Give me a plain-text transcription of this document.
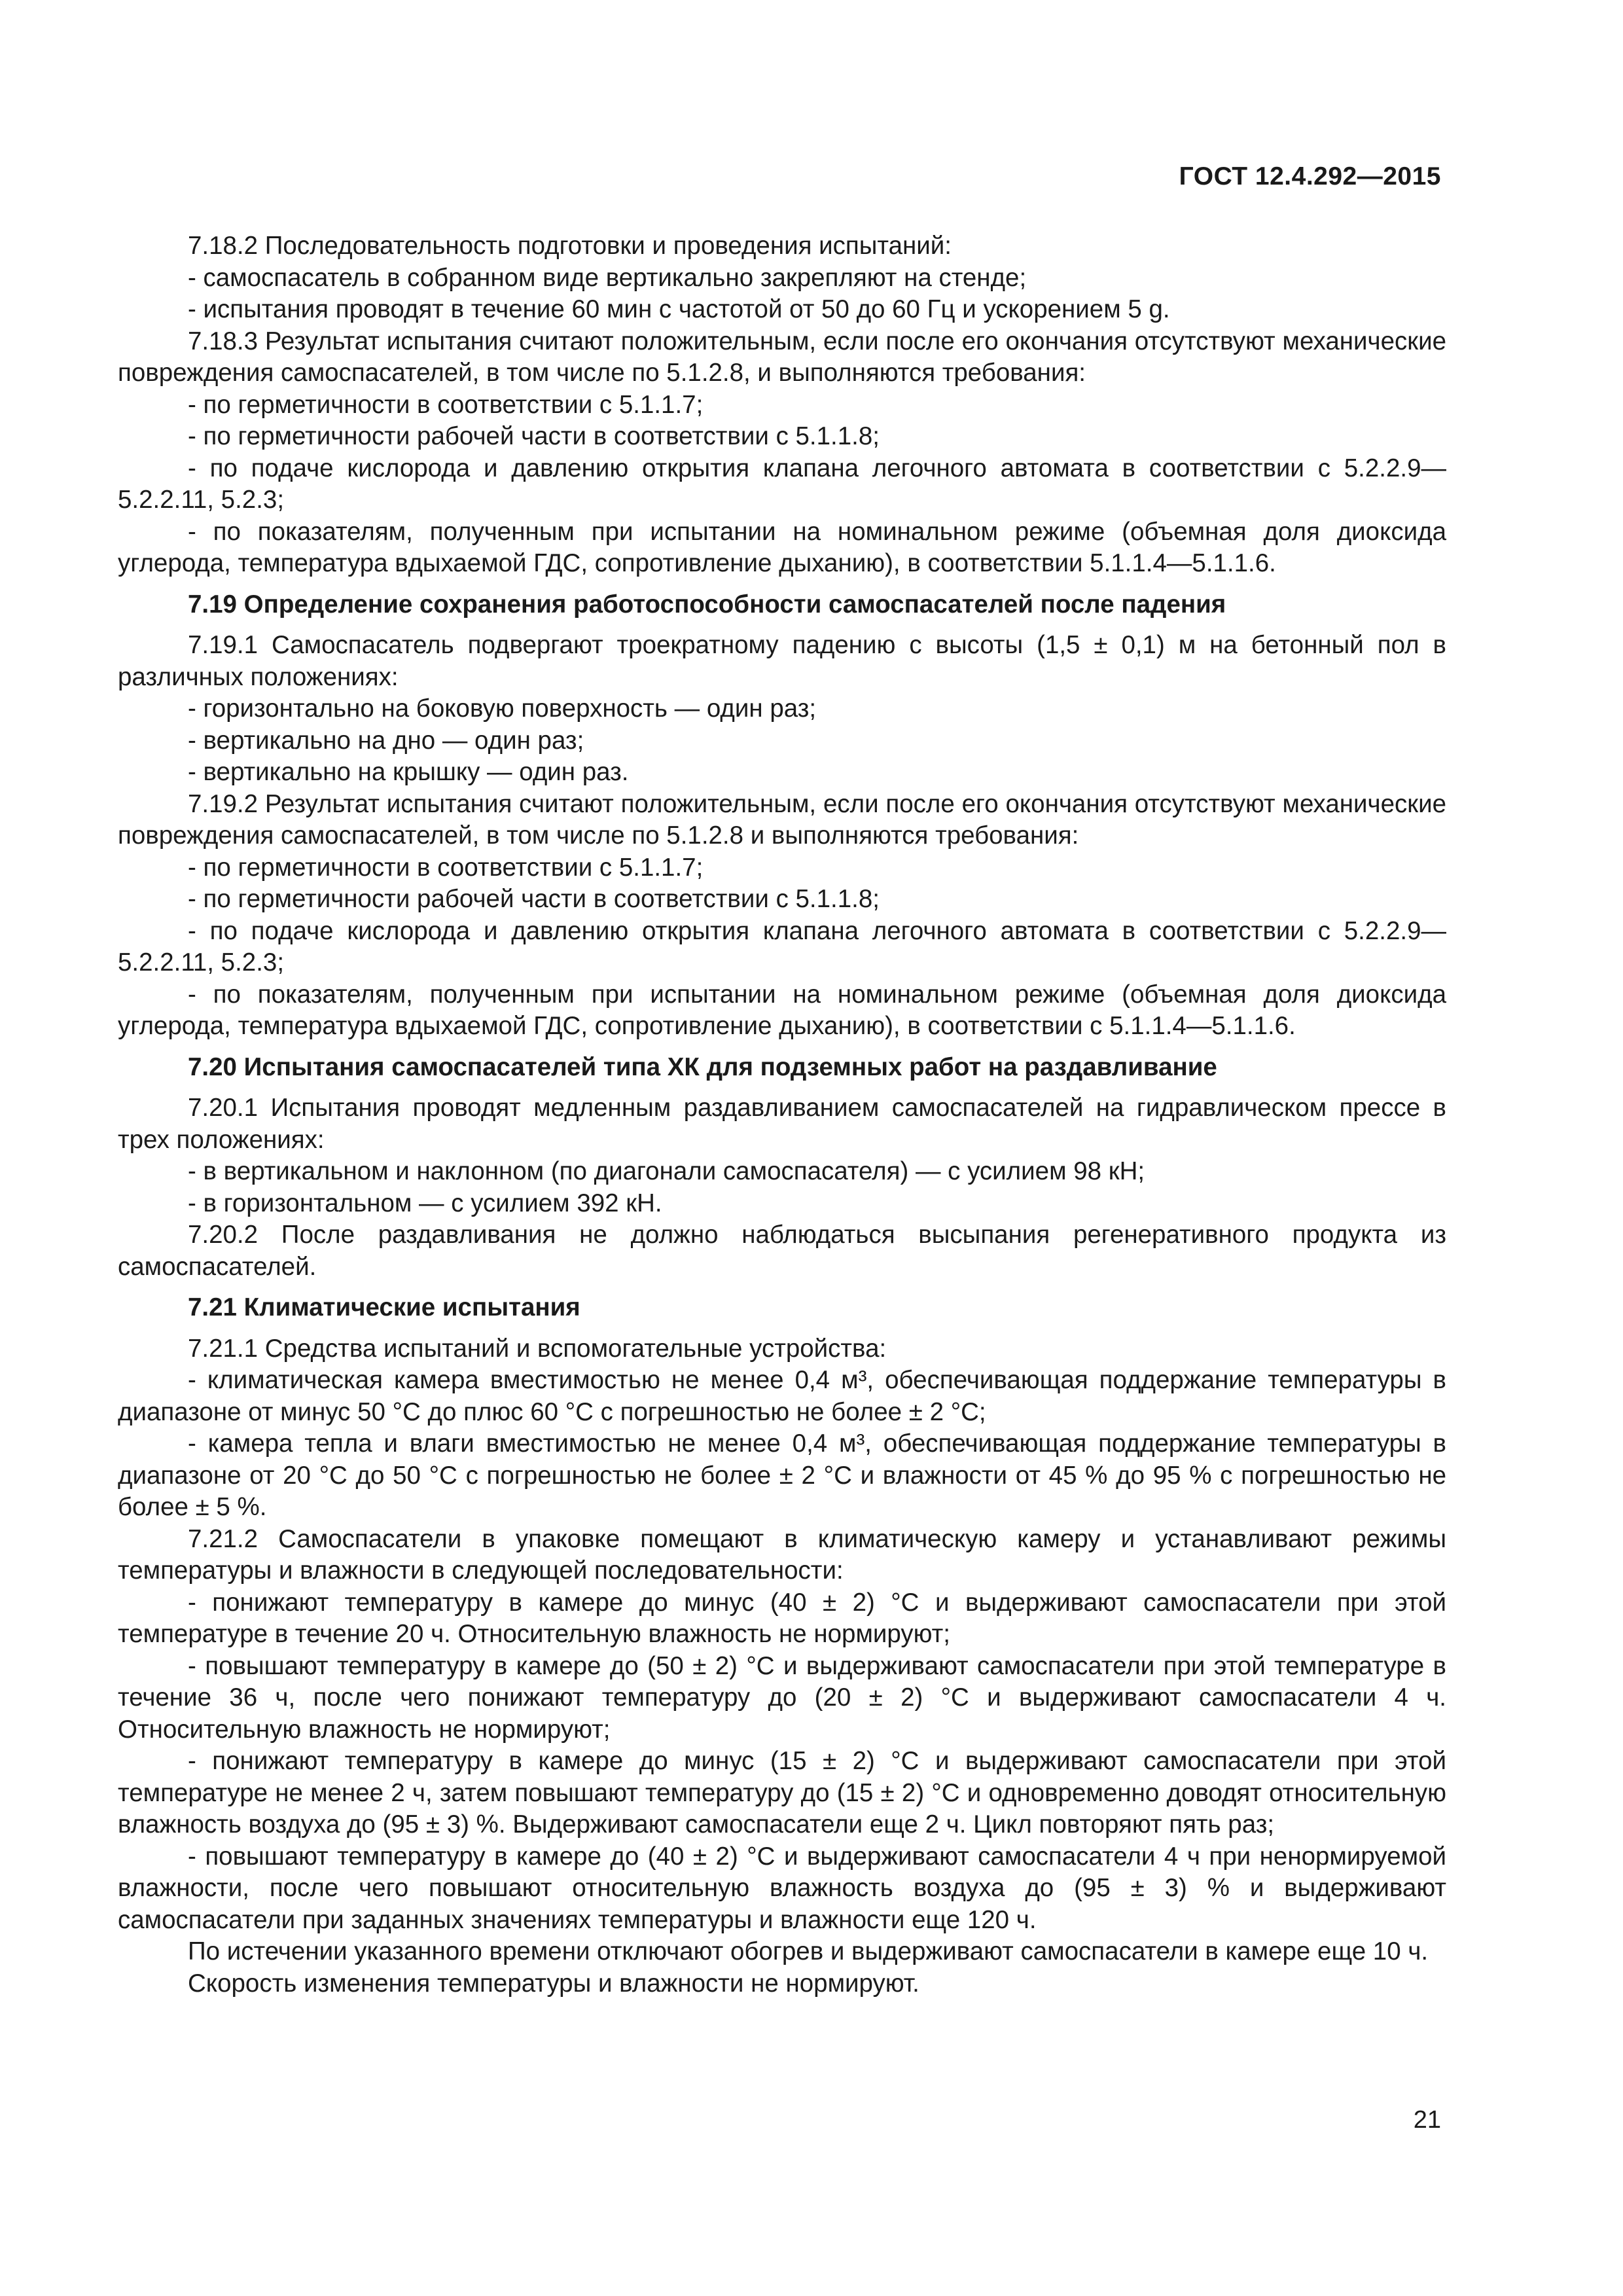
ГОСТ 12.4.292—2015

7.18.2 Последовательность подготовки и проведения испытаний:

- самоспасатель в собранном виде вертикально закрепляют на стенде;

- испытания проводят в течение 60 мин с частотой от 50 до 60 Гц и ускорением 5 g.

7.18.3 Результат испытания считают положительным, если после его окончания отсутствуют механические повреждения самоспасателей, в том числе по 5.1.2.8, и выполняются требования:

- по герметичности в соответствии с 5.1.1.7;

- по герметичности рабочей части в соответствии с 5.1.1.8;

- по подаче кислорода и давлению открытия клапана легочного автомата в соответствии с 5.2.2.9—5.2.2.11, 5.2.3;

- по показателям, полученным при испытании на номинальном режиме (объемная доля диоксида углерода, температура вдыхаемой ГДС, сопротивление дыханию), в соответствии 5.1.1.4—5.1.1.6.

7.19 Определение сохранения работоспособности самоспасателей после падения

7.19.1 Самоспасатель подвергают троекратному падению с высоты (1,5 ± 0,1) м на бетонный пол в различных положениях:

- горизонтально на боковую поверхность — один раз;

- вертикально на дно — один раз;

- вертикально на крышку — один раз.

7.19.2 Результат испытания считают положительным, если после его окончания отсутствуют механические повреждения самоспасателей, в том числе по 5.1.2.8 и выполняются требования:

- по герметичности в соответствии с 5.1.1.7;

- по герметичности рабочей части в соответствии с 5.1.1.8;

- по подаче кислорода и давлению открытия клапана легочного автомата в соответствии с 5.2.2.9—5.2.2.11, 5.2.3;

- по показателям, полученным при испытании на номинальном режиме (объемная доля диоксида углерода, температура вдыхаемой ГДС, сопротивление дыханию), в соответствии с 5.1.1.4—5.1.1.6.

7.20 Испытания самоспасателей типа ХК для подземных работ на раздавливание

7.20.1 Испытания проводят медленным раздавливанием самоспасателей на гидравлическом прессе в трех положениях:

- в вертикальном и наклонном (по диагонали самоспасателя) — с усилием 98 кН;

- в горизонтальном — с усилием 392 кН.

7.20.2 После раздавливания не должно наблюдаться высыпания регенеративного продукта из самоспасателей.

7.21 Климатические испытания

7.21.1 Средства испытаний и вспомогательные устройства:

- климатическая камера вместимостью не менее 0,4 м³, обеспечивающая поддержание температуры в диапазоне от минус 50 °С до плюс 60 °С с погрешностью не более ± 2 °С;

- камера тепла и влаги вместимостью не менее 0,4 м³, обеспечивающая поддержание температуры в диапазоне от 20 °С до 50 °С с погрешностью не более ± 2 °С и влажности от 45 % до 95 % с погрешностью не более ± 5 %.

7.21.2 Самоспасатели в упаковке помещают в климатическую камеру и устанавливают режимы температуры и влажности в следующей последовательности:

- понижают температуру в камере до минус (40 ± 2) °С и выдерживают самоспасатели при этой температуре в течение 20 ч. Относительную влажность не нормируют;

- повышают температуру в камере до (50 ± 2) °С и выдерживают самоспасатели при этой температуре в течение 36 ч, после чего понижают температуру до (20 ± 2) °С и выдерживают самоспасатели 4 ч. Относительную влажность не нормируют;

- понижают температуру в камере до минус (15 ± 2) °С и выдерживают самоспасатели при этой температуре не менее 2 ч, затем повышают температуру до (15 ± 2) °С и одновременно доводят относительную влажность воздуха до (95 ± 3) %. Выдерживают самоспасатели еще 2 ч. Цикл повторяют пять раз;

- повышают температуру в камере до (40 ± 2) °С и выдерживают самоспасатели 4 ч при ненормируемой влажности, после чего повышают относительную влажность воздуха до (95 ± 3) % и выдерживают самоспасатели при заданных значениях температуры и влажности еще 120 ч.

По истечении указанного времени отключают обогрев и выдерживают самоспасатели в камере еще 10 ч.

Скорость изменения температуры и влажности не нормируют.

21
